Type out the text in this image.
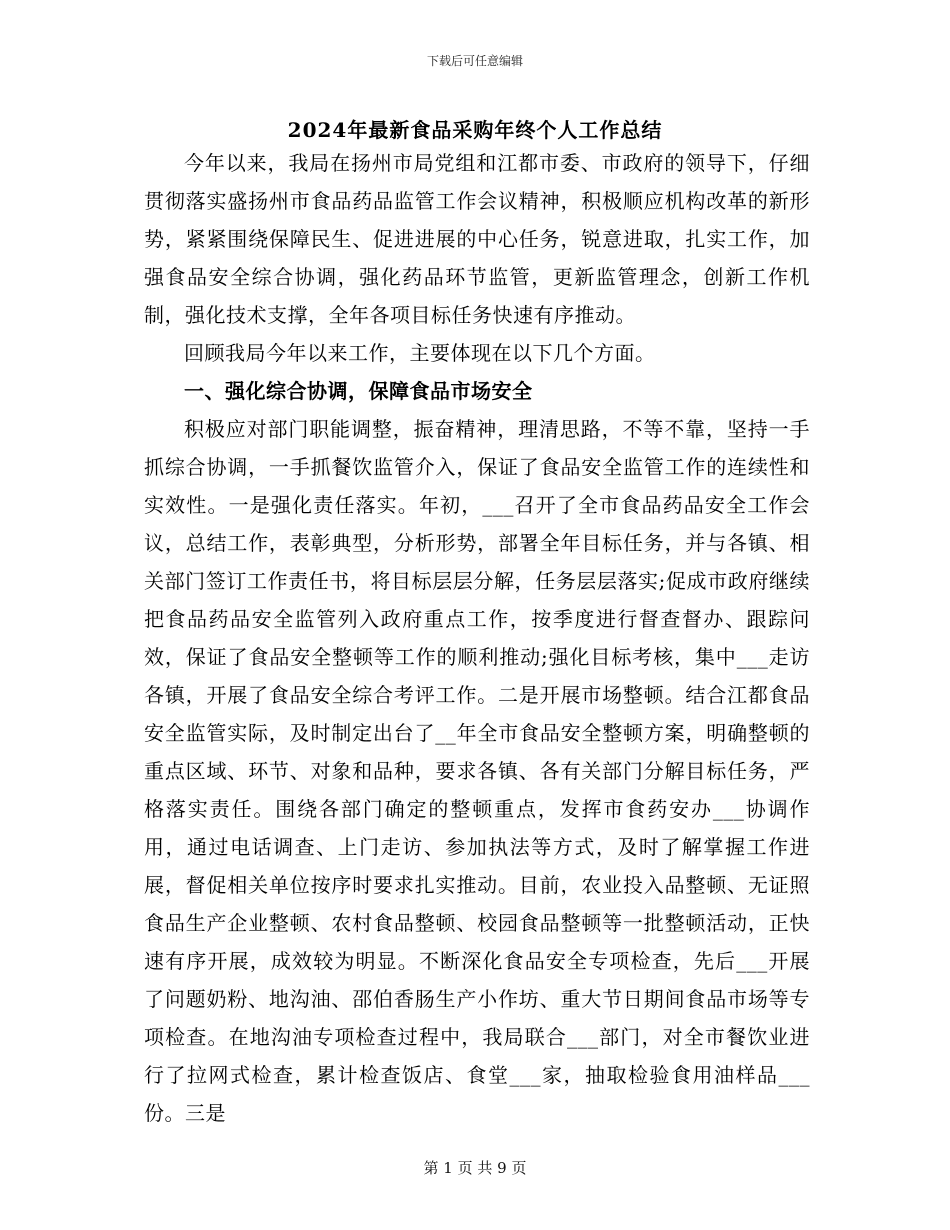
下载后可任意编辑
2024年最新食品采购年终个人工作总结

今年以来，我局在扬州市局党组和江都市委、市政府的领导下，仔细贯彻落实盛扬州市食品药品监管工作会议精神，积极顺应机构改革的新形势，紧紧围绕保障民生、促进进展的中心任务，锐意进取，扎实工作，加强食品安全综合协调，强化药品环节监管，更新监管理念，创新工作机制，强化技术支撑，全年各项目标任务快速有序推动。

回顾我局今年以来工作，主要体现在以下几个方面。

一、强化综合协调，保障食品市场安全

积极应对部门职能调整，振奋精神，理清思路，不等不靠，坚持一手抓综合协调，一手抓餐饮监管介入，保证了食品安全监管工作的连续性和实效性。一是强化责任落实。年初，___召开了全市食品药品安全工作会议，总结工作，表彰典型，分析形势，部署全年目标任务，并与各镇、相关部门签订工作责任书，将目标层层分解，任务层层落实;促成市政府继续把食品药品安全监管列入政府重点工作，按季度进行督查督办、跟踪问效，保证了食品安全整顿等工作的顺利推动;强化目标考核，集中___走访各镇，开展了食品安全综合考评工作。二是开展市场整顿。结合江都食品安全监管实际，及时制定出台了__年全市食品安全整顿方案，明确整顿的重点区域、环节、对象和品种，要求各镇、各有关部门分解目标任务，严格落实责任。围绕各部门确定的整顿重点，发挥市食药安办___协调作用，通过电话调查、上门走访、参加执法等方式，及时了解掌握工作进展，督促相关单位按序时要求扎实推动。目前，农业投入品整顿、无证照食品生产企业整顿、农村食品整顿、校园食品整顿等一批整顿活动，正快速有序开展，成效较为明显。不断深化食品安全专项检查，先后___开展了问题奶粉、地沟油、邵伯香肠生产小作坊、重大节日期间食品市场等专项检查。在地沟油专项检查过程中，我局联合___部门，对全市餐饮业进行了拉网式检查，累计检查饭店、食堂___家，抽取检验食用油样品___份。三是

第 1 页 共 9 页
